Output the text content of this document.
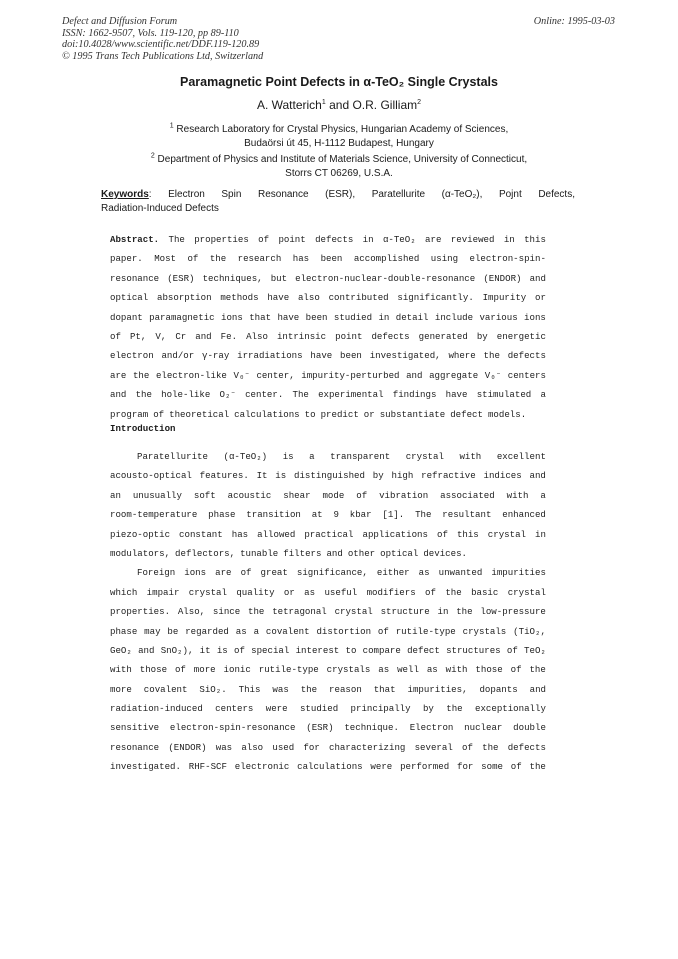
Defect and Diffusion Forum
ISSN: 1662-9507, Vols. 119-120, pp 89-110
doi:10.4028/www.scientific.net/DDF.119-120.89
© 1995 Trans Tech Publications Ltd, Switzerland
Online: 1995-03-03
Paramagnetic Point Defects in α-TeO₂ Single Crystals
A. Watterich$^1$ and O.R. Gilliam$^2$
$^1$ Research Laboratory for Crystal Physics, Hungarian Academy of Sciences,
Budaörsi út 45, H-1112 Budapest, Hungary
$^2$ Department of Physics and Institute of Materials Science, University of Connecticut,
Storrs CT 06269, U.S.A.
Keywords: Electron Spin Resonance (ESR), Paratellurite (α-TeO₂), Pojnt Defects,
Radiation-Induced Defects
Abstract. The properties of point defects in α-TeO₂ are reviewed in this
paper. Most of the research has been accomplished using electron-spin-
resonance (ESR) techniques, but electron-nuclear-double-resonance (ENDOR) and
optical absorption methods have also contributed significantly. Impurity or
dopant paramagnetic ions that have been studied in detail include various ions
of Pt, V, Cr and Fe. Also intrinsic point defects generated by energetic
electron and/or γ-ray irradiations have been investigated, where the defects
are the electron-like V₀⁻ center, impurity-perturbed and aggregate V₀⁻ centers
and the hole-like O₂⁻ center. The experimental findings have stimulated a
program of theoretical calculations to predict or substantiate defect models.
Introduction
Paratellurite (α-TeO₂) is a transparent crystal with excellent
acousto-optical features. It is distinguished by high refractive indices and
an unusually soft acoustic shear mode of vibration associated with a
room-temperature phase transition at 9 kbar [1]. The resultant enhanced
piezo-optic constant has allowed practical applications of this crystal in
modulators, deflectors, tunable filters and other optical devices.
Foreign ions are of great significance, either as unwanted impurities
which impair crystal quality or as useful modifiers of the basic crystal
properties. Also, since the tetragonal crystal structure in the low-pressure
phase may be regarded as a covalent distortion of rutile-type crystals (TiO₂,
GeO₂ and SnO₂), it is of special interest to compare defect structures of TeO₂
with those of more ionic rutile-type crystals as well as with those of the
more covalent SiO₂. This was the reason that impurities, dopants and
radiation-induced centers were studied principally by the exceptionally
sensitive electron-spin-resonance (ESR) technique. Electron nuclear double
resonance (ENDOR) was also used for characterizing several of the defects
investigated. RHF-SCF electronic calculations were performed for some of the
